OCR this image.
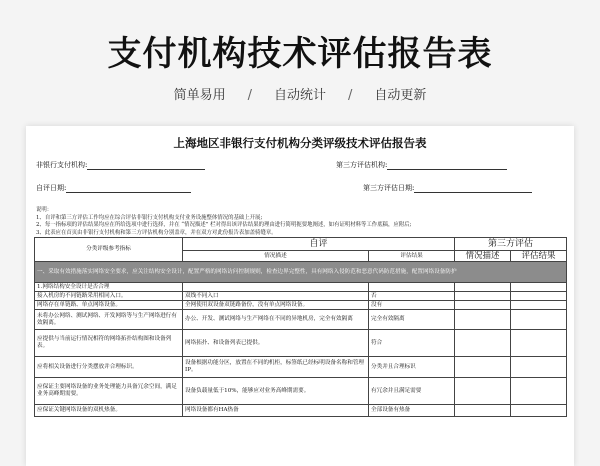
支付机构技术评估报告表
简单易用 / 自动统计 / 自动更新
上海地区非银行支付机构分类评级技术评估报告表
非银行支付机构:	第三方评估机构:
自评日期:	第三方评估日期:
说明：
1、自评和第三方评估工作均应在综合评估非银行支付机构支付业务设施整体情况的基础上开展;
2、每一指标项的评估结果均应在所给选项中进行选择，并在 “情况描述” 栏对得出该评估结果的理由进行简明扼要地阐述，如有证明材料等工作底稿，应附后;
3、此表应在首页由非银行支付机构和第三方评估机构分别盖章，并在双方对此份报告表加盖骑缝章。
分类评级参考指标	自评		第三方评估	
	情况描述	评估结果	情况描述	评估结果
一、采取有效措施落实网络安全要求，应关注结构安全设计，配置严格的网络访问控制规则，检查边界完整性，具有网络入侵防范和恶意代码防范措施，配置网络设备防护				
1.网络结构安全设计是否合理				
接入机房的不同链路采用相同入口。	双线不同入口	否		
网络存在单链路、单点网络设备。	全网使用双设备双链路备份，没有单点网络设备。	没有		
未将办公网络、测试网络、开发网络等与生产网络进行有效隔离。	办公、开发、测试网络与生产网络在不同的异地机房，完全有效隔离	完全有效隔离		
应提供与当前运行情况相符的网络拓扑结构图和设备列表。	网络拓扑、和设备列表已提供。	符合		
应将相关设备进行分类摆放并合理标识。	设备根据功能分区，放置在不同的机柜，标签纸已经标明设备名称和管理IP。	分类并且合理标识		
应保证主要网络设备的业务处理能力具备冗余空间，满足业务高峰期需要。	设备负载量低于10%，能够应对业务高峰期需要。	有冗余并且满足需要		
应保证关键网络设备的双机热备。	网络设备都有HA热备	全部设备有热备		
